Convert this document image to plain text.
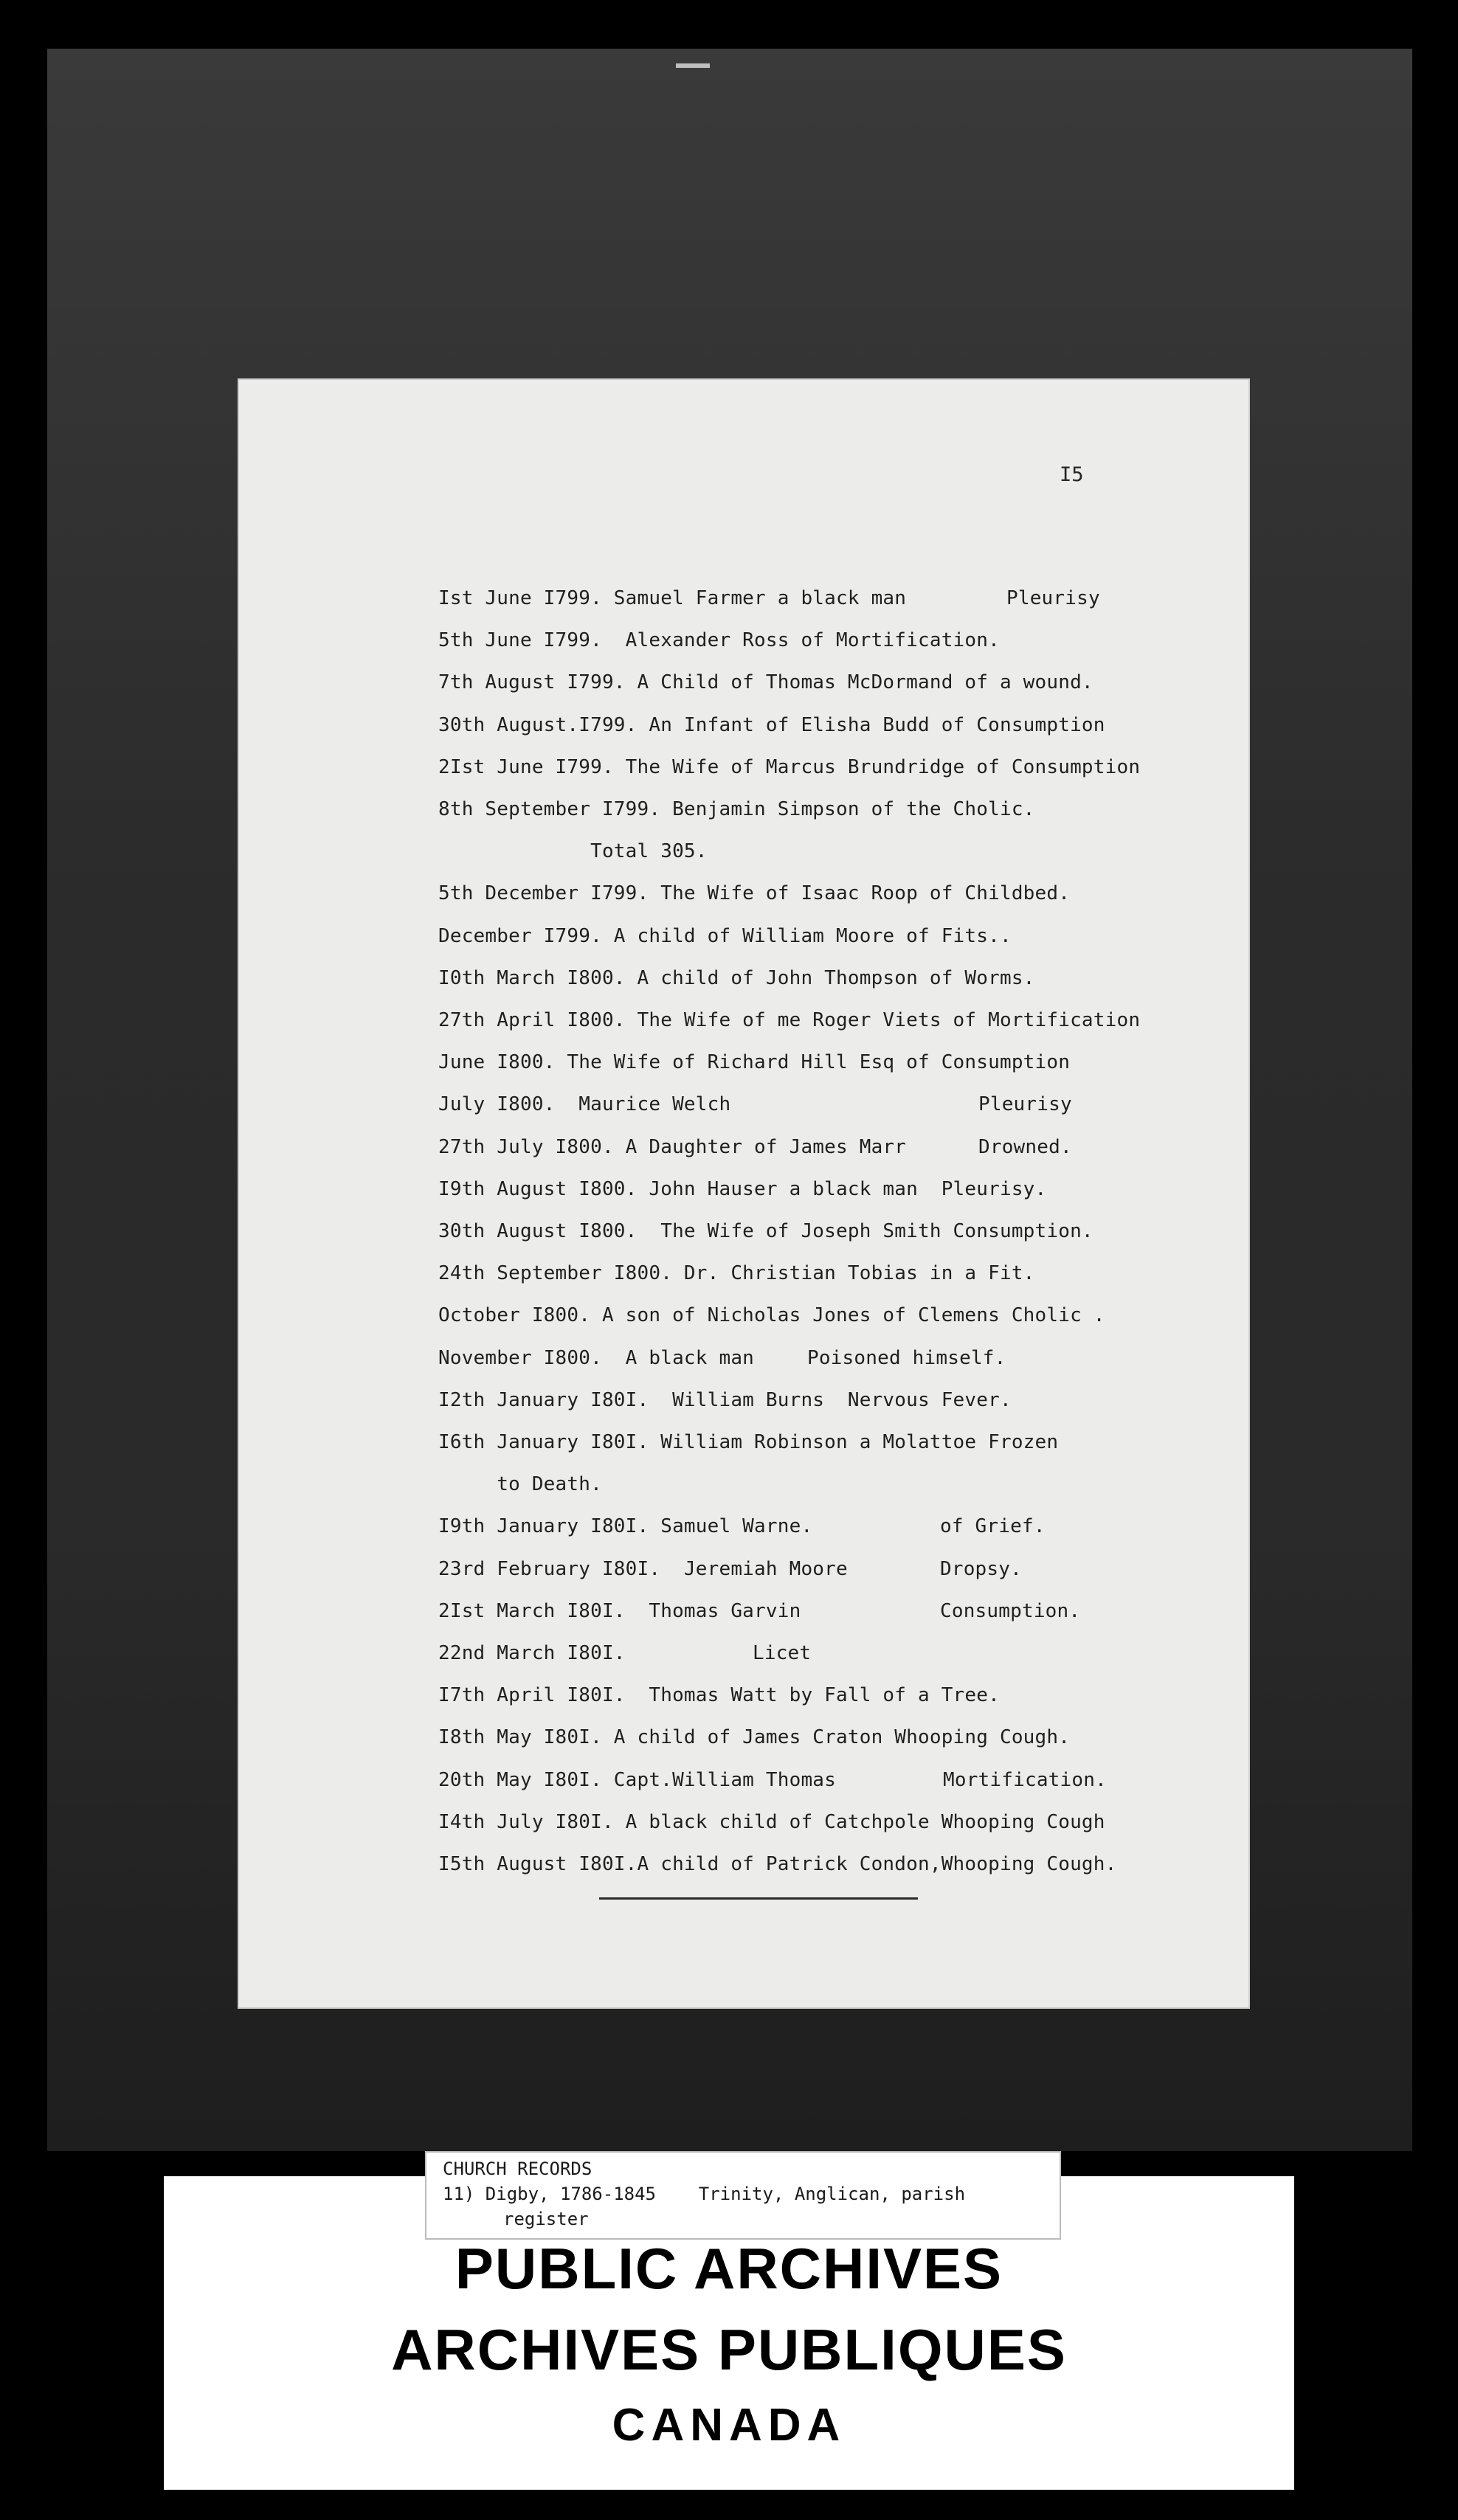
I5
Ist June I799. Samuel Farmer a black man	Pleurisy
5th June I799.  Alexander Ross of Mortification.
7th August I799. A Child of Thomas McDormand of a wound.
30th August.I799. An Infant of Elisha Budd of Consumption
2Ist June I799. The Wife of Marcus Brundridge of Consumption
8th September I799. Benjamin Simpson of the Cholic.
Total 305.
5th December I799. The Wife of Isaac Roop of Childbed.
December I799. A child of William Moore of Fits..
I0th March I800. A child of John Thompson of Worms.
27th April I800. The Wife of me Roger Viets of Mortification
June I800. The Wife of Richard Hill Esq of Consumption
July I800.  Maurice Welch	Pleurisy
27th July I800. A Daughter of James Marr	Drowned.
I9th August I800. John Hauser a black man  Pleurisy.
30th August I800.  The Wife of Joseph Smith Consumption.
24th September I800. Dr. Christian Tobias in a Fit.
October I800. A son of Nicholas Jones of Clemens Cholic .
November I800.  A black man	Poisoned himself.
I2th January I80I.  William Burns  Nervous Fever.
I6th January I80I. William Robinson a Molattoe Frozen
to Death.
I9th January I80I. Samuel Warne.	of Grief.
23rd February I80I.  Jeremiah Moore	Dropsy.
2Ist March I80I.  Thomas Garvin	Consumption.
22nd March I80I.	Licet
I7th April I80I.  Thomas Watt by Fall of a Tree.
I8th May I80I. A child of James Craton Whooping Cough.
20th May I80I. Capt.William Thomas	Mortification.
I4th July I80I. A black child of Catchpole Whooping Cough
I5th August I80I.A child of Patrick Condon,Whooping Cough.
CHURCH RECORDS
11) Digby, 1786-1845    Trinity, Anglican, parish
register
PUBLIC ARCHIVES
ARCHIVES PUBLIQUES
CANADA
